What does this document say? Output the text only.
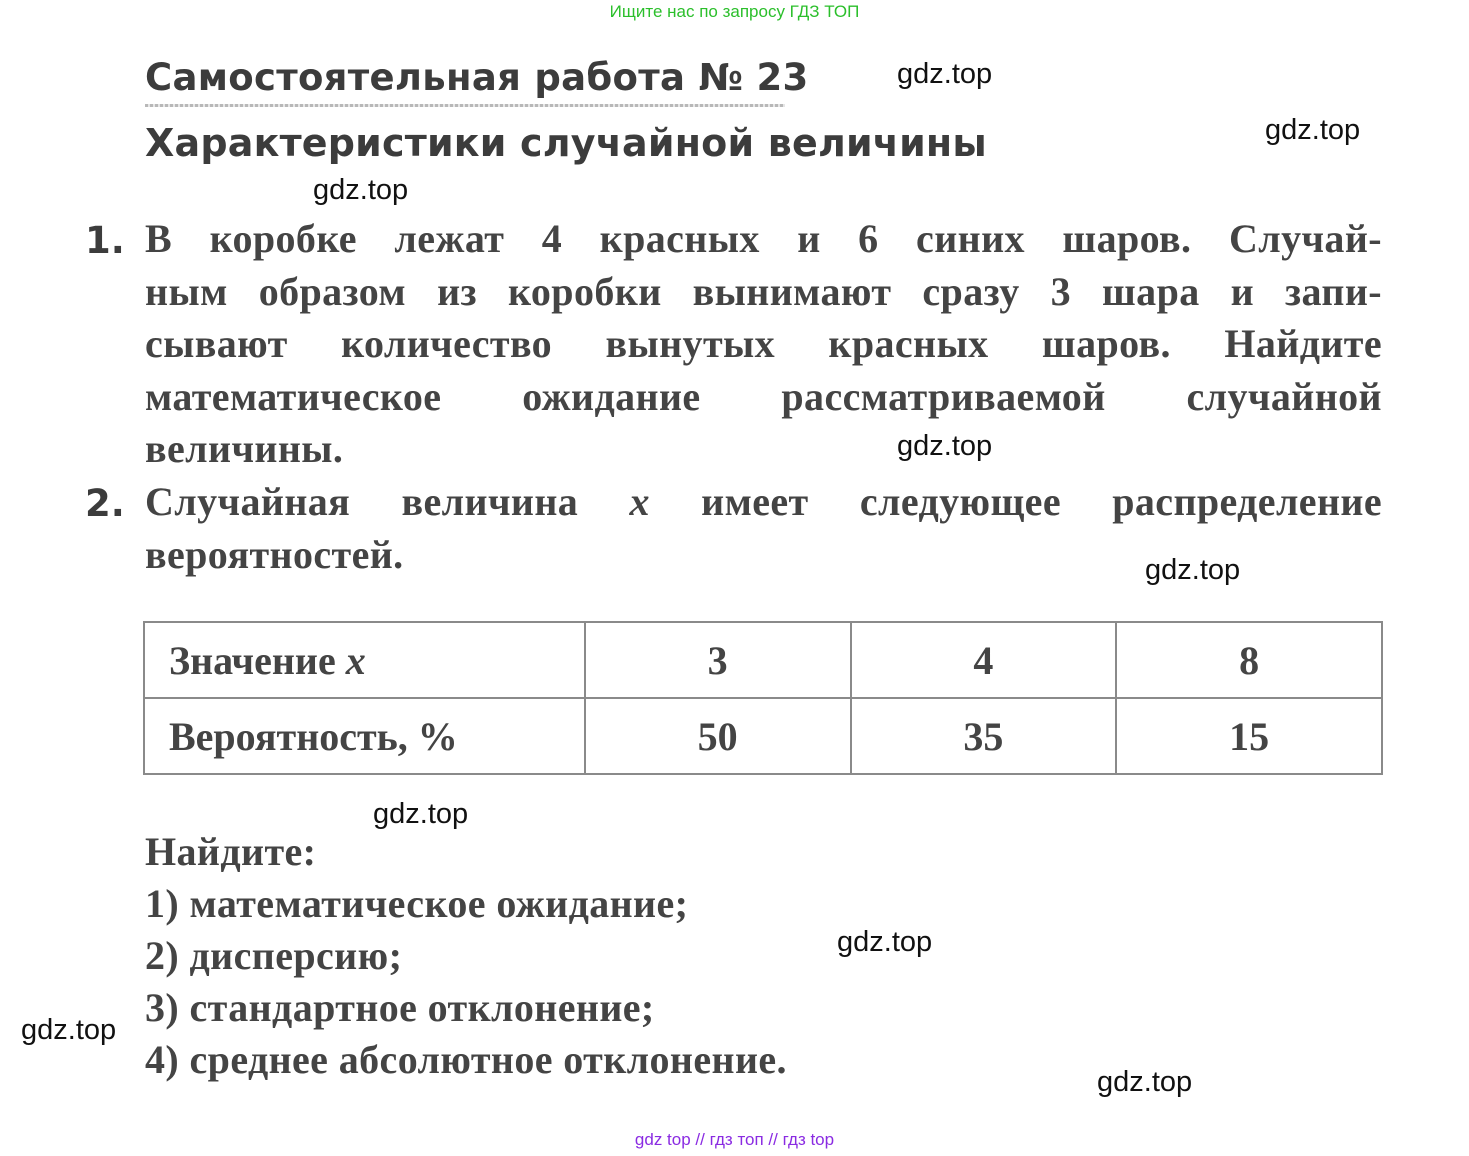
Ищите нас по запросу ГДЗ ТОП
Самостоятельная работа № 23
Характеристики случайной величины
1. В коробке лежат 4 красных и 6 синих шаров. Случай-
ным образом из коробки вынимают сразу 3 шара и запи-
сывают количество вынутых красных шаров. Найдите
математическое ожидание рассматриваемой случайной
величины.
2. Случайная величина x имеет следующее распределение
вероятностей.
Значение x	3	4	8
Вероятность, %	50	35	15
Найдите:
1) математическое ожидание;
2) дисперсию;
3) стандартное отклонение;
4) среднее абсолютное отклонение.
gdz.top
gdz.top
gdz.top
gdz.top
gdz.top
gdz.top
gdz.top
gdz.top
gdz.top
gdz top // гдз топ // гдз top
